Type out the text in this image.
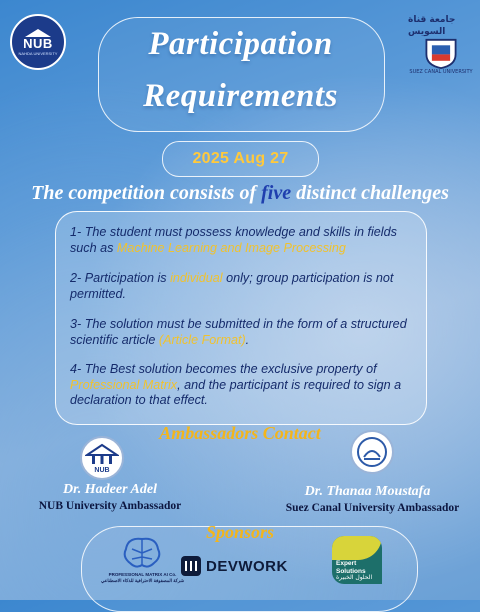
NUB
NAHDA UNIVERSITY
جامعة قناة السويس
SUEZ CANAL UNIVERSITY
Participation
Requirements
2025 Aug 27
The competition consists of five distinct challenges
1- The student must possess knowledge and skills in fields such as Machine Learning and Image Processing
2- Participation is individual only; group participation is not permitted.
3- The solution must be submitted in the form of a structured scientific article (Article Format).
4- The Best solution becomes the exclusive property of Professional Matrix, and the participant is required to sign a declaration to that effect.
Ambassadors Contact
NUB
Dr. Hadeer Adel
NUB University Ambassador
Dr. Thanaa Moustafa
Suez Canal University Ambassador
Sponsors
PROFESSIONAL MATRIX AI Co.
شركة المصفوفة الاحترافية للذكاء الاصطناعي
DEVWORK	Expert Solutions
الحلول الخبيرة
